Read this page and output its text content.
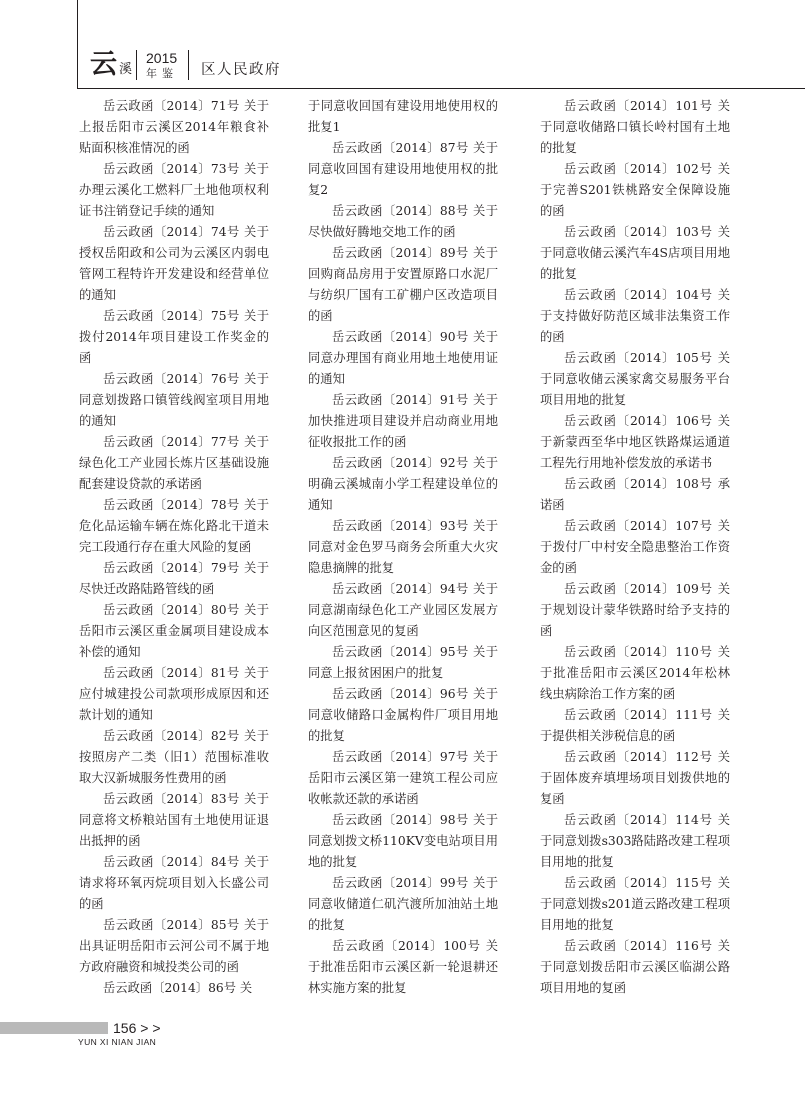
云 溪
2015
年鉴 区人民政府

岳云政函〔2014〕71号 关于上报岳阳市云溪区2014年粮食补贴面积核准情况的函

岳云政函〔2014〕73号 关于办理云溪化工燃料厂土地他项权利证书注销登记手续的通知

岳云政函〔2014〕74号 关于授权岳阳政和公司为云溪区内弱电管网工程特许开发建设和经营单位的通知

岳云政函〔2014〕75号 关于拨付2014年项目建设工作奖金的函

岳云政函〔2014〕76号 关于同意划拨路口镇管线阀室项目用地的通知

岳云政函〔2014〕77号 关于绿色化工产业园长炼片区基础设施配套建设贷款的承诺函

岳云政函〔2014〕78号 关于危化品运输车辆在炼化路北干道未完工段通行存在重大风险的复函

岳云政函〔2014〕79号 关于尽快迁改路陆路管线的函

岳云政函〔2014〕80号 关于岳阳市云溪区重金属项目建设成本补偿的通知

岳云政函〔2014〕81号 关于应付城建投公司款项形成原因和还款计划的通知

岳云政函〔2014〕82号 关于按照房产二类（旧1）范围标准收取大汉新城服务性费用的函

岳云政函〔2014〕83号 关于同意将文桥粮站国有土地使用证退出抵押的函

岳云政函〔2014〕84号 关于请求将环氧丙烷项目划入长盛公司的函

岳云政函〔2014〕85号 关于出具证明岳阳市云河公司不属于地方政府融资和城投类公司的函

岳云政函〔2014〕86号 关

于同意收回国有建设用地使用权的批复1

岳云政函〔2014〕87号 关于同意收回国有建设用地使用权的批复2

岳云政函〔2014〕88号 关于尽快做好腾地交地工作的函

岳云政函〔2014〕89号 关于回购商品房用于安置原路口水泥厂与纺织厂国有工矿棚户区改造项目的函

岳云政函〔2014〕90号 关于同意办理国有商业用地土地使用证的通知

岳云政函〔2014〕91号 关于加快推进项目建设并启动商业用地征收报批工作的函

岳云政函〔2014〕92号 关于明确云溪城南小学工程建设单位的通知

岳云政函〔2014〕93号 关于同意对金色罗马商务会所重大火灾隐患摘牌的批复

岳云政函〔2014〕94号 关于同意湖南绿色化工产业园区发展方向区范围意见的复函

岳云政函〔2014〕95号 关于同意上报贫困困户的批复

岳云政函〔2014〕96号 关于同意收储路口金属构件厂项目用地的批复

岳云政函〔2014〕97号 关于岳阳市云溪区第一建筑工程公司应收帐款还款的承诺函

岳云政函〔2014〕98号 关于同意划拨文桥110KV变电站项目用地的批复

岳云政函〔2014〕99号 关于同意收储道仁矶汽渡所加油站土地的批复

岳云政函〔2014〕100号 关于批准岳阳市云溪区新一轮退耕还林实施方案的批复

岳云政函〔2014〕101号 关于同意收储路口镇长岭村国有土地的批复

岳云政函〔2014〕102号 关于完善S201铁桃路安全保障设施的函

岳云政函〔2014〕103号 关于同意收储云溪汽车4S店项目用地的批复

岳云政函〔2014〕104号 关于支持做好防范区域非法集资工作的函

岳云政函〔2014〕105号 关于同意收储云溪家禽交易服务平台项目用地的批复

岳云政函〔2014〕106号 关于新蒙西至华中地区铁路煤运通道工程先行用地补偿发放的承诺书

岳云政函〔2014〕108号 承诺函

岳云政函〔2014〕107号 关于拨付厂中村安全隐患整治工作资金的函

岳云政函〔2014〕109号 关于规划设计蒙华铁路时给予支持的函

岳云政函〔2014〕110号 关于批准岳阳市云溪区2014年松林线虫病除治工作方案的函

岳云政函〔2014〕111号 关于提供相关涉税信息的函

岳云政函〔2014〕112号 关于固体废弃填埋场项目划拨供地的复函

岳云政函〔2014〕114号 关于同意划拨s303路陆路改建工程项目用地的批复

岳云政函〔2014〕115号 关于同意划拨s201道云路改建工程项目用地的批复

岳云政函〔2014〕116号 关于同意划拨岳阳市云溪区临湖公路项目用地的复函

156 > >
YUN XI NIAN JIAN
